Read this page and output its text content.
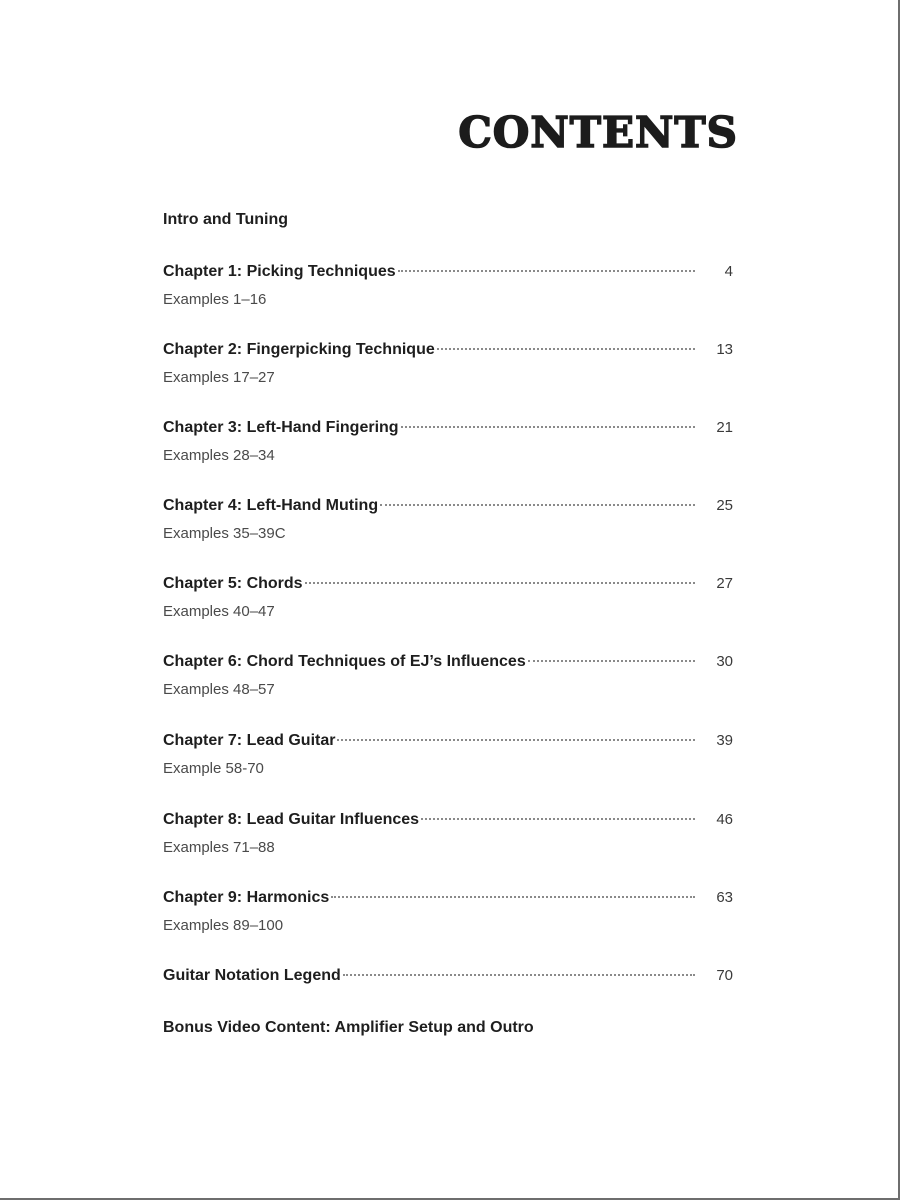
CONTENTS
Intro and Tuning
Chapter 1: Picking Techniques	4
Examples 1–16
Chapter 2: Fingerpicking Technique	13
Examples 17–27
Chapter 3: Left-Hand Fingering	21
Examples 28–34
Chapter 4: Left-Hand Muting	25
Examples 35–39C
Chapter 5: Chords	27
Examples 40–47
Chapter 6: Chord Techniques of EJ’s Influences	30
Examples 48–57
Chapter 7: Lead Guitar	39
Example 58-70
Chapter 8: Lead Guitar Influences	46
Examples 71–88
Chapter 9: Harmonics	63
Examples 89–100
Guitar Notation Legend	70
Bonus Video Content: Amplifier Setup and Outro
